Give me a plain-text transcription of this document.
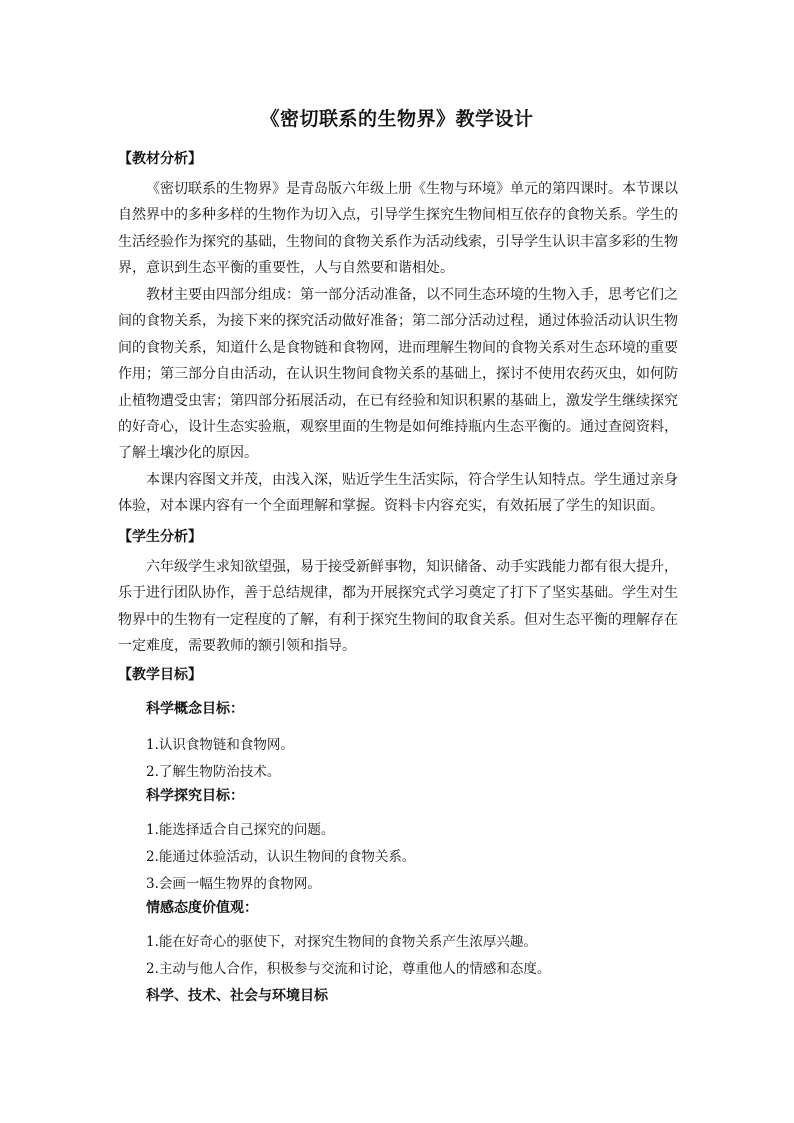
《密切联系的生物界》教学设计
【教材分析】
《密切联系的生物界》是青岛版六年级上册《生物与环境》单元的第四课时。本节课以自然界中的多种多样的生物作为切入点，引导学生探究生物间相互依存的食物关系。学生的生活经验作为探究的基础，生物间的食物关系作为活动线索，引导学生认识丰富多彩的生物界，意识到生态平衡的重要性，人与自然要和谐相处。
教材主要由四部分组成：第一部分活动准备，以不同生态环境的生物入手，思考它们之间的食物关系，为接下来的探究活动做好准备；第二部分活动过程，通过体验活动认识生物间的食物关系，知道什么是食物链和食物网，进而理解生物间的食物关系对生态环境的重要作用；第三部分自由活动，在认识生物间食物关系的基础上，探讨不使用农药灭虫，如何防止植物遭受虫害；第四部分拓展活动，在已有经验和知识积累的基础上，激发学生继续探究的好奇心，设计生态实验瓶，观察里面的生物是如何维持瓶内生态平衡的。通过查阅资料，了解土壤沙化的原因。
本课内容图文并茂，由浅入深，贴近学生生活实际，符合学生认知特点。学生通过亲身体验，对本课内容有一个全面理解和掌握。资料卡内容充实，有效拓展了学生的知识面。
【学生分析】
六年级学生求知欲望强，易于接受新鲜事物，知识储备、动手实践能力都有很大提升，乐于进行团队协作，善于总结规律，都为开展探究式学习奠定了打下了坚实基础。学生对生物界中的生物有一定程度的了解，有利于探究生物间的取食关系。但对生态平衡的理解存在一定难度，需要教师的额引领和指导。
【教学目标】
科学概念目标：
1.认识食物链和食物网。
2.了解生物防治技术。
科学探究目标：
1.能选择适合自己探究的问题。
2.能通过体验活动，认识生物间的食物关系。
3.会画一幅生物界的食物网。
情感态度价值观：
1.能在好奇心的驱使下，对探究生物间的食物关系产生浓厚兴趣。
2.主动与他人合作，积极参与交流和讨论，尊重他人的情感和态度。
科学、技术、社会与环境目标
